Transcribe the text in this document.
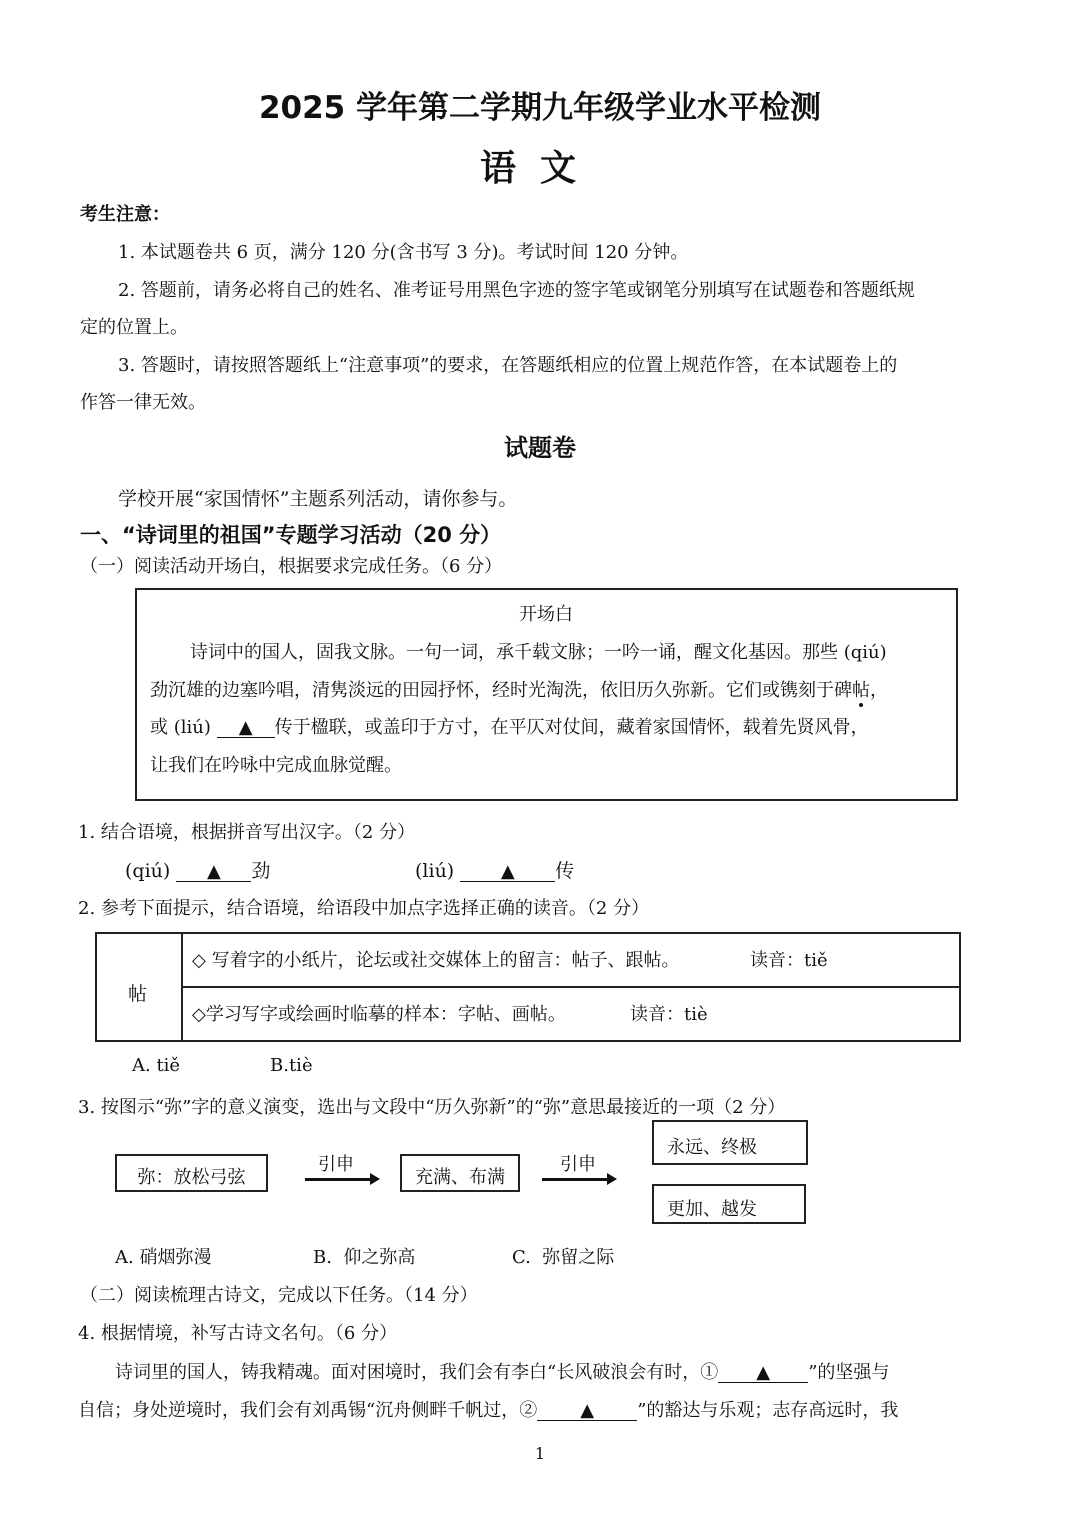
2025 学年第二学期九年级学业水平检测
语文
考生注意：
1. 本试题卷共 6 页，满分 120 分(含书写 3 分)。考试时间 120 分钟。
2. 答题前，请务必将自己的姓名、准考证号用黑色字迹的签字笔或钢笔分别填写在试题卷和答题纸规
定的位置上。
3. 答题时，请按照答题纸上“注意事项”的要求，在答题纸相应的位置上规范作答，在本试题卷上的
作答一律无效。
试题卷
学校开展“家国情怀”主题系列活动，请你参与。
一、“诗词里的祖国”专题学习活动（20 分）
（一）阅读活动开场白，根据要求完成任务。（6 分）
开场白
诗词中的国人，固我文脉。一句一词，承千载文脉；一吟一诵，醒文化基因。那些 (qiú)
劲沉雄的边塞吟唱，清隽淡远的田园抒怀，经时光淘洗，依旧历久弥新。它们或镌刻于碑帖，
或 (liú) ▲ 传于楹联，或盖印于方寸，在平仄对仗间，藏着家国情怀，载着先贤风骨，
让我们在吟咏中完成血脉觉醒。
1. 结合语境，根据拼音写出汉字。（2 分）
(qiú) ▲ 劲	(liú)	▲ 传
2. 参考下面提示，结合语境，给语段中加点字选择正确的读音。（2 分）
帖
◇ 写着字的小纸片，论坛或社交媒体上的留言：帖子、跟帖。	读音：tiě
◇学习写字或绘画时临摹的样本：字帖、画帖。	读音：tiè
A. tiě	B.tiè
3. 按图示“弥”字的意义演变，选出与文段中“历久弥新”的“弥”意思最接近的一项（2 分）
弥：放松弓弦
引申
充满、布满
引申
永远、终极
更加、越发
A. 硝烟弥漫	B.  仰之弥高	C.  弥留之际
（二）阅读梳理古诗文，完成以下任务。（14 分）
4. 根据情境，补写古诗文名句。（6 分）
诗词里的国人，铸我精魂。面对困境时，我们会有李白“长风破浪会有时，① ▲ ”的坚强与
自信；身处逆境时，我们会有刘禹锡“沉舟侧畔千帆过，② ▲ ”的豁达与乐观；志存高远时，我
1
